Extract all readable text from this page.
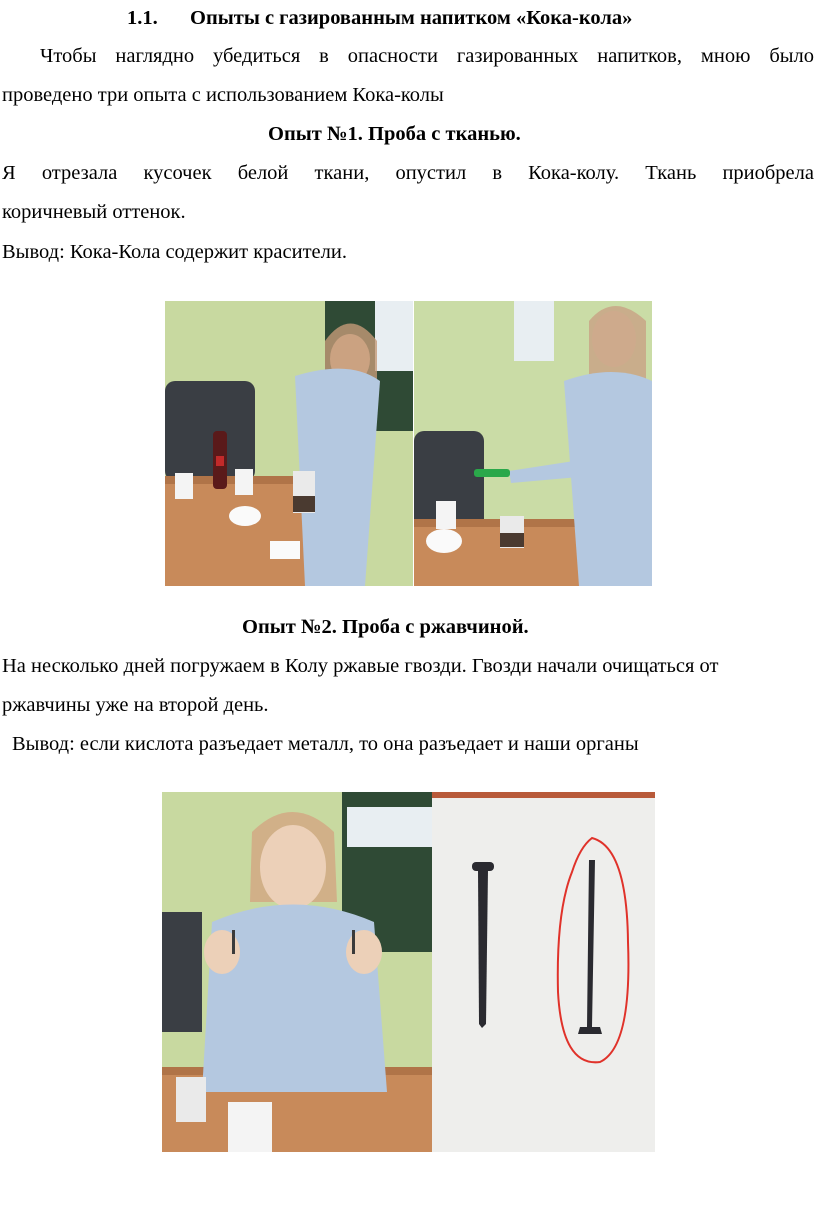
1.1. Опыты с газированным напитком «Кока-кола»
Чтобы наглядно убедиться в опасности газированных напитков, мною было
проведено три опыта с использованием Кока-колы
Опыт №1. Проба с тканью.
Я отрезала кусочек белой ткани, опустил в Кока-колу. Ткань приобрела
коричневый оттенок.
Вывод: Кока-Кола содержит красители.
Опыт №2. Проба с ржавчиной.
На несколько дней погружаем в Колу ржавые гвозди. Гвозди начали очищаться от
ржавчины уже на второй день.
Вывод: если кислота разъедает металл, то она разъедает и наши органы
